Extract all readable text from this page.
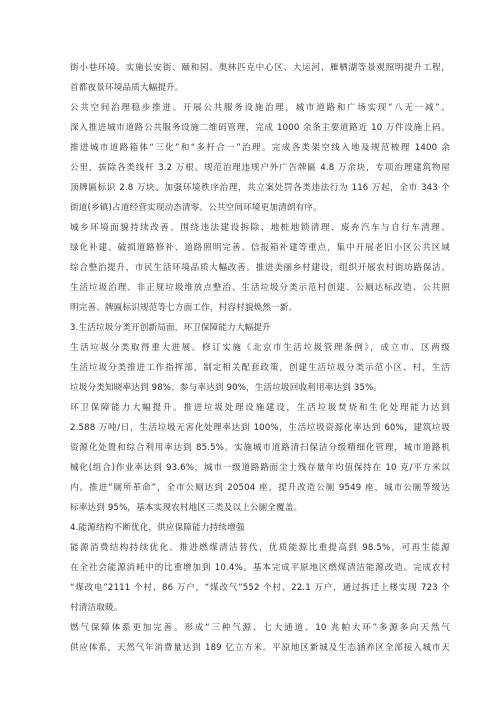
街小巷环境。实施长安街、颐和园、奥林匹克中心区、大运河、雁栖湖等景观照明提升工程，
首都夜景环境品质大幅提升。
公共空间治理稳步推进。开展公共服务设施治理，城市道路和广场实现“八无一减”。
深入推进城市道路公共服务设施二维码管理，完成 1000 余条主要道路近 10 万件设施上码。
推进城市道路箱体“三化”和“多杆合一”治理。完成各类架空线入地及规范梳理 1400 余
公里，拔除各类线杆 3.2 万根。规范治理违规户外广告牌匾 4.8 万余块，专项治理建筑物屋
顶牌匾标识 2.8 万块。加强环境秩序治理，共立案处罚各类违法行为 116 万起，全市 343 个
街道(乡镇)占道经营实现动态清零。公共空间环境更加清朗有序。
城乡环境面貌持续改善。围绕违法建设拆除、地桩地锁清理、废弃汽车与自行车清理、
绿化补建、破损道路修补、道路照明完善、信报箱补建等重点，集中开展老旧小区公共区域
综合整治提升，市民生活环境品质大幅改善。推进美丽乡村建设，组织开展农村街坊路保洁、
生活垃圾治理、非正规垃圾堆放点整治、生活垃圾分类示范村创建、公厕达标改造、公共照
明完善、牌匾标识规范等七方面工作，村容村貌焕然一新。
3.生活垃圾分类开创新局面，环卫保障能力大幅提升
生活垃圾分类取得重大进展。修订实施《北京市生活垃圾管理条例》，成立市、区两级
生活垃圾分类推进工作指挥部，制定相关配套政策，创建生活垃圾分类示范小区、村，生活
垃圾分类知晓率达到 98%、参与率达到 90%，生活垃圾回收利用率达到 35%。
环卫保障能力大幅提升。推进垃圾处理设施建设，生活垃圾焚烧和生化处理能力达到
2.588 万吨/日，生活垃圾无害化处理率达到 100%，生活垃圾资源化率达到 60%，建筑垃圾
资源化处置和综合利用率达到 85.5%。实施城市道路清扫保洁分级精细化管理，城市道路机
械化(组合)作业率达到 93.6%，城市一级道路路面尘土残存量年均值保持在 10 克/平方米以
内。推进“厕所革命”，全市公厕达到 20504 座，提升改造公厕 9549 座，城市公厕等级达
标率达到 95%，基本实现农村地区三类及以上公厕全覆盖。
4.能源结构不断优化，供应保障能力持续增强
能源消费结构持续优化。推进燃煤清洁替代，优质能源比重提高到 98.5%，可再生能源
在全社会能源消耗中的比重增加到 10.4%。基本完成平原地区燃煤清洁能源改造。完成农村
“煤改电”2111 个村、86 万户，“煤改气”552 个村、22.1 万户，通过拆迁上楼实现 723 个
村清洁取暖。
燃气保障体系更加完善。形成“三种气源、七大通道、10 兆帕大环”多源多向天然气
供应体系，天然气年消费量达到 189 亿立方米。平原地区新城及生态涵养区全部接入城市天
